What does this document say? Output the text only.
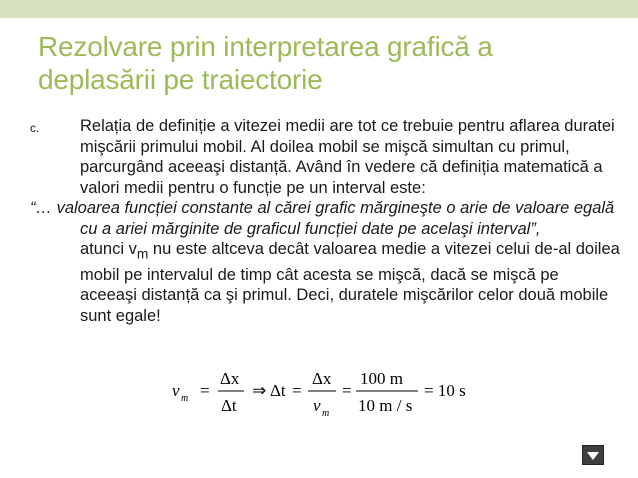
Rezolvare prin interpretarea grafică a
deplasării pe traiectorie
c.	Relația de definiție a vitezei medii are tot ce trebuie pentru aflarea duratei mişcării primului mobil. Al doilea mobil se mişcă simultan cu primul, parcurgând aceeaşi distanță. Având în vedere că definiția matematică a valori medii pentru o funcție pe un interval este:

“… valoarea funcției constante al cărei grafic mărgineşte o arie de valoare egală cu a ariei mărginite de graficul funcției date pe acelaşi interval”,

atunci $v_m$ nu este altceva decât valoarea medie a vitezei celui de-al doilea mobil pe intervalul de timp cât acesta se mişcă, dacă se mişcă pe aceeaşi distanță ca şi primul. Deci, duratele mişcărilor celor două mobile sunt egale!

v m =
Δx
Δt
⇒ Δt =
Δx
v m
=
100 m
10 m / s
= 10 s
